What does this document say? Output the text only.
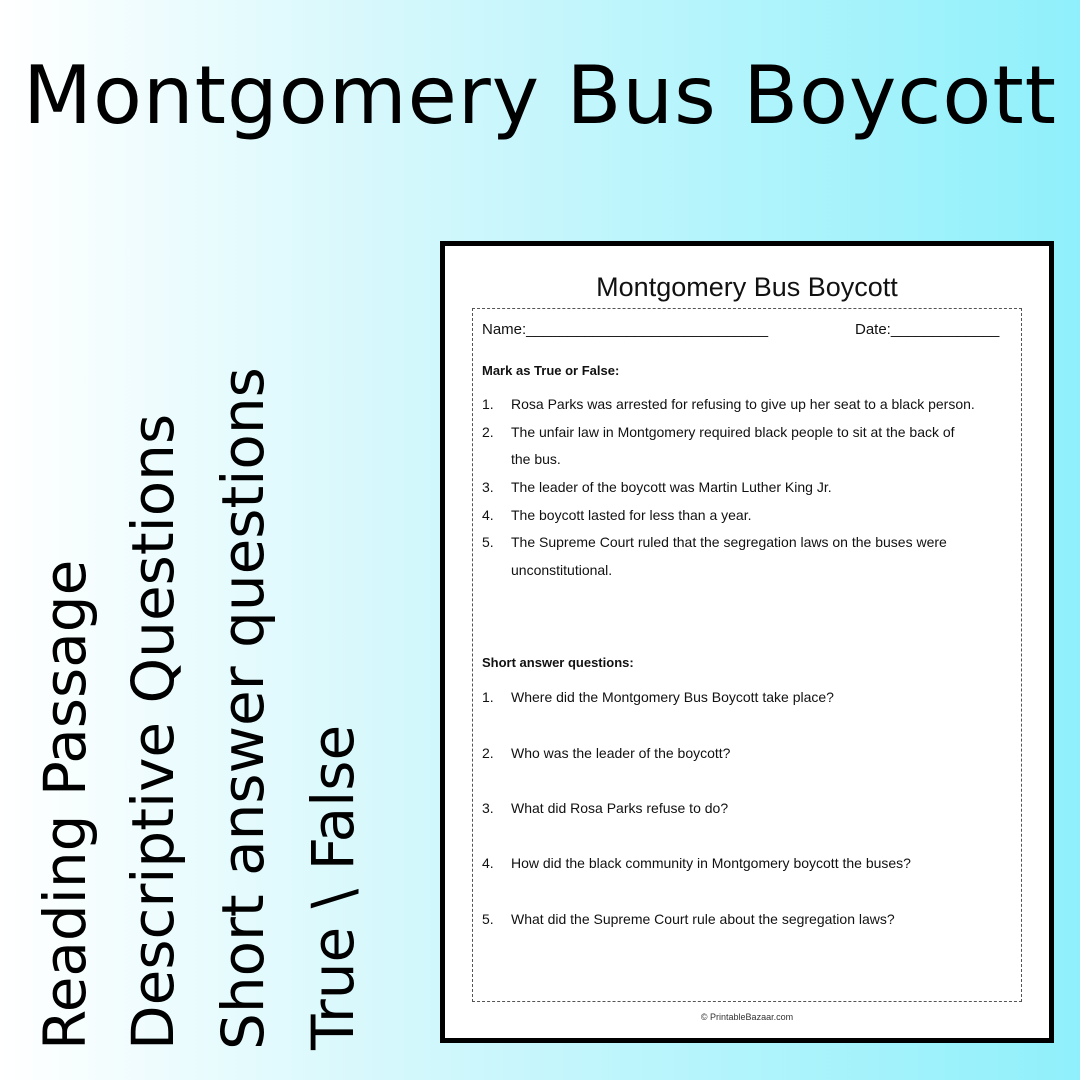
Montgomery Bus Boycott
Reading Passage Descriptive Questions Short answer questions True \ False
Montgomery Bus Boycott
Name:_____________________________	Date:_____________
Mark as True or False:
1. Rosa Parks was arrested for refusing to give up her seat to a black person.
2. The unfair law in Montgomery required black people to sit at the back of
the bus.
3. The leader of the boycott was Martin Luther King Jr.
4. The boycott lasted for less than a year.
5. The Supreme Court ruled that the segregation laws on the buses were
unconstitutional.
Short answer questions:
1. Where did the Montgomery Bus Boycott take place?
2. Who was the leader of the boycott?
3. What did Rosa Parks refuse to do?
4. How did the black community in Montgomery boycott the buses?
5. What did the Supreme Court rule about the segregation laws?
© PrintableBazaar.com
